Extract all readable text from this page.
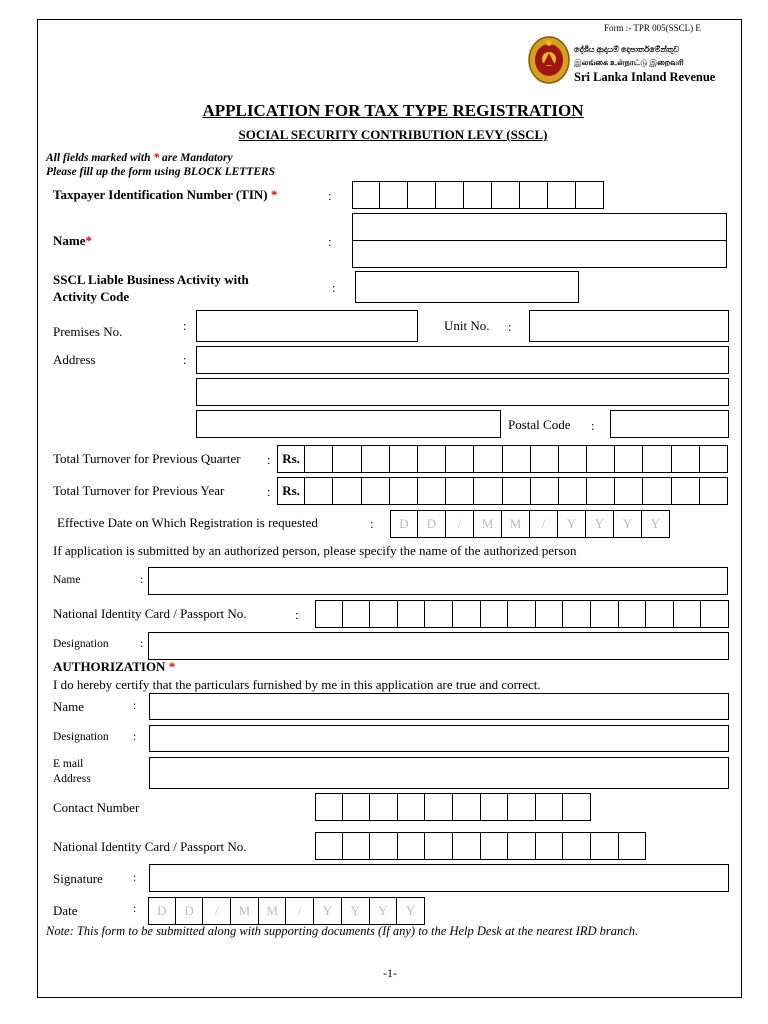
Form :- TPR 005(SSCL) E
දේශීය ආදායම් දෙපාර්තමේන්තුව
இலங்கை உள்நாட்டு இறைவரி
Sri Lanka Inland Revenue
APPLICATION FOR TAX TYPE REGISTRATION
SOCIAL SECURITY CONTRIBUTION LEVY (SSCL)
All fields marked with * are Mandatory
Please fill up the form using BLOCK LETTERS
Taxpayer Identification Number (TIN) *	:
Name*	:
SSCL Liable Business Activity with
Activity Code
:
Premises No.	:	Unit No. :
Address	:
Postal Code :
Total Turnover for Previous Quarter : Rs.
Total Turnover for Previous Year	: Rs.
Effective Date on Which Registration is requested	:	D	D	/	M	M	/	Y	Y	Y	Y
If application is submitted by an authorized person, please specify the name of the authorized person
Name	:
National Identity Card / Passport No.	:
Designation	:
AUTHORIZATION *
I do hereby certify that the particulars furnished by me in this application are true and correct.
Name	:
Designation :
E mail
Address
Contact Number
National Identity Card / Passport No.
Signature	:
Date	:	D	D	/	M	M	/	Y	Y	Y	Y
Note: This form to be submitted along with supporting documents (If any) to the Help Desk at the nearest IRD branch.
-1-
